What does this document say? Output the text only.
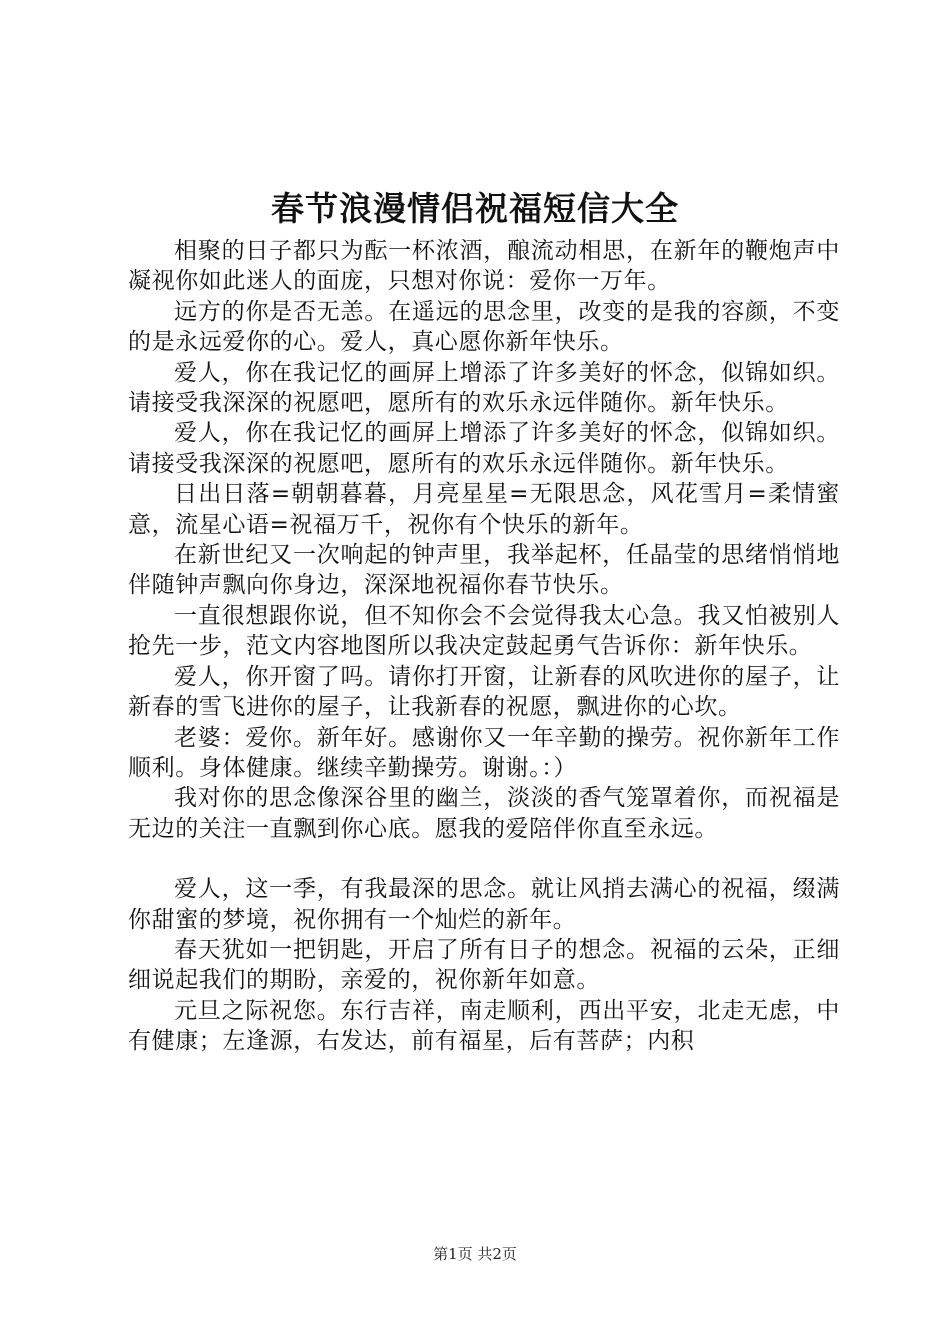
春节浪漫情侣祝福短信大全

相聚的日子都只为酝一杯浓酒，酿流动相思，在新年的鞭炮声中凝视你如此迷人的面庞，只想对你说：爱你一万年。

远方的你是否无恙。在遥远的思念里，改变的是我的容颜，不变的是永远爱你的心。爱人，真心愿你新年快乐。

爱人，你在我记忆的画屏上增添了许多美好的怀念，似锦如织。请接受我深深的祝愿吧，愿所有的欢乐永远伴随你。新年快乐。

爱人，你在我记忆的画屏上增添了许多美好的怀念，似锦如织。请接受我深深的祝愿吧，愿所有的欢乐永远伴随你。新年快乐。

日出日落=朝朝暮暮，月亮星星=无限思念，风花雪月=柔情蜜意，流星心语=祝福万千，祝你有个快乐的新年。

在新世纪又一次响起的钟声里，我举起杯，任晶莹的思绪悄悄地伴随钟声飘向你身边，深深地祝福你春节快乐。

一直很想跟你说，但不知你会不会觉得我太心急。我又怕被别人抢先一步，范文内容地图所以我决定鼓起勇气告诉你：新年快乐。

爱人，你开窗了吗。请你打开窗，让新春的风吹进你的屋子，让新春的雪飞进你的屋子，让我新春的祝愿，飘进你的心坎。

老婆：爱你。新年好。感谢你又一年辛勤的操劳。祝你新年工作顺利。身体健康。继续辛勤操劳。谢谢。：）

我对你的思念像深谷里的幽兰，淡淡的香气笼罩着你，而祝福是无边的关注一直飘到你心底。愿我的爱陪伴你直至永远。

爱人，这一季，有我最深的思念。就让风捎去满心的祝福，缀满你甜蜜的梦境，祝你拥有一个灿烂的新年。

春天犹如一把钥匙，开启了所有日子的想念。祝福的云朵，正细细说起我们的期盼，亲爱的，祝你新年如意。

元旦之际祝您。东行吉祥，南走顺利，西出平安，北走无虑，中有健康；左逢源，右发达，前有福星，后有菩萨；内积

第1页 共2页
